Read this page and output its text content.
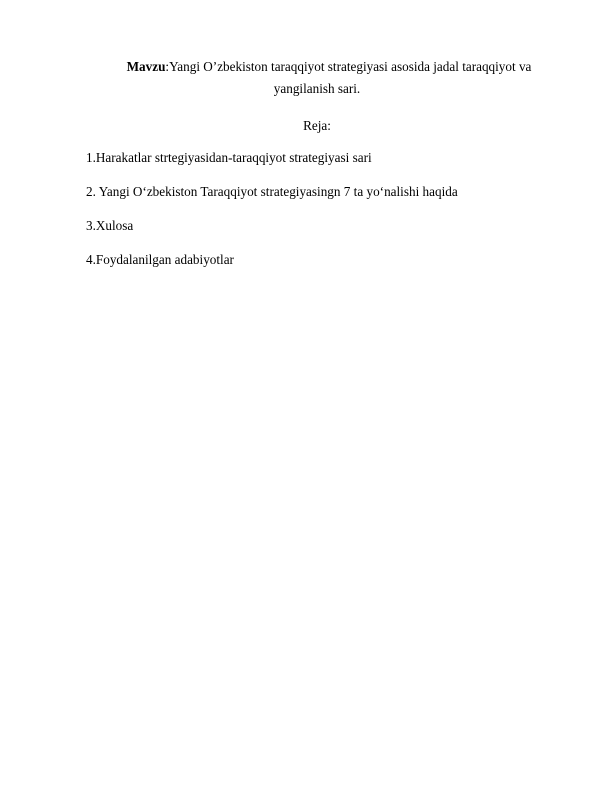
Mavzu:Yangi O’zbekiston taraqqiyot strategiyasi asosida jadal taraqqiyot va
yangilanish sari.
Reja:
1.Harakatlar strtegiyasidan-taraqqiyot strategiyasi sari
2. Yangi O‘zbekiston Taraqqiyot strategiyasingn 7 ta yo‘nalishi haqida
3.Xulosa
4.Foydalanilgan adabiyotlar
